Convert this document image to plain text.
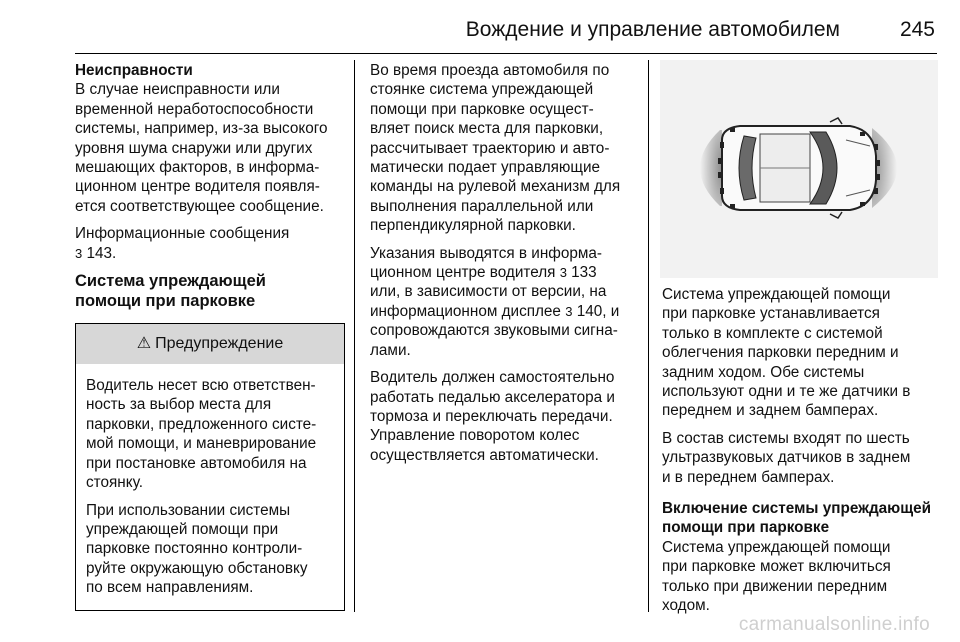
Вождение и управление автомобилем	245
Неисправности

В случае неисправности или
временной неработоспособности
системы, например, из-за высокого
уровня шума снаружи или других
мешающих факторов, в информа-
ционном центре водителя появля-
ется соответствующее сообщение.

Информационные сообщения
3 143.

Система упреждающей
помощи при парковке
⚠ Предупреждение

Водитель несет всю ответствен-
ность за выбор места для
парковки, предложенного систе-
мой помощи, и маневрирование
при постановке автомобиля на
стоянку.

При использовании системы
упреждающей помощи при
парковке постоянно контроли-
руйте окружающую обстановку
по всем направлениям.

Во время проезда автомобиля по
стоянке система упреждающей
помощи при парковке осущест-
вляет поиск места для парковки,
рассчитывает траекторию и авто-
матически подает управляющие
команды на рулевой механизм для
выполнения параллельной или
перпендикулярной парковки.

Указания выводятся в информа-
ционном центре водителя 3 133
или, в зависимости от версии, на
информационном дисплее 3 140, и
сопровождаются звуковыми сигна-
лами.

Водитель должен самостоятельно
работать педалью акселератора и
тормоза и переключать передачи.
Управление поворотом колес
осуществляется автоматически.

Система упреждающей помощи
при парковке устанавливается
только в комплекте с системой
облегчения парковки передним и
задним ходом. Обе системы
используют одни и те же датчики в
переднем и заднем бамперах.

В состав системы входят по шесть
ультразвуковых датчиков в заднем
и в переднем бамперах.

Включение системы упреждающей
помощи при парковке

Система упреждающей помощи
при парковке может включиться
только при движении передним
ходом.

carmanualsonline.info
